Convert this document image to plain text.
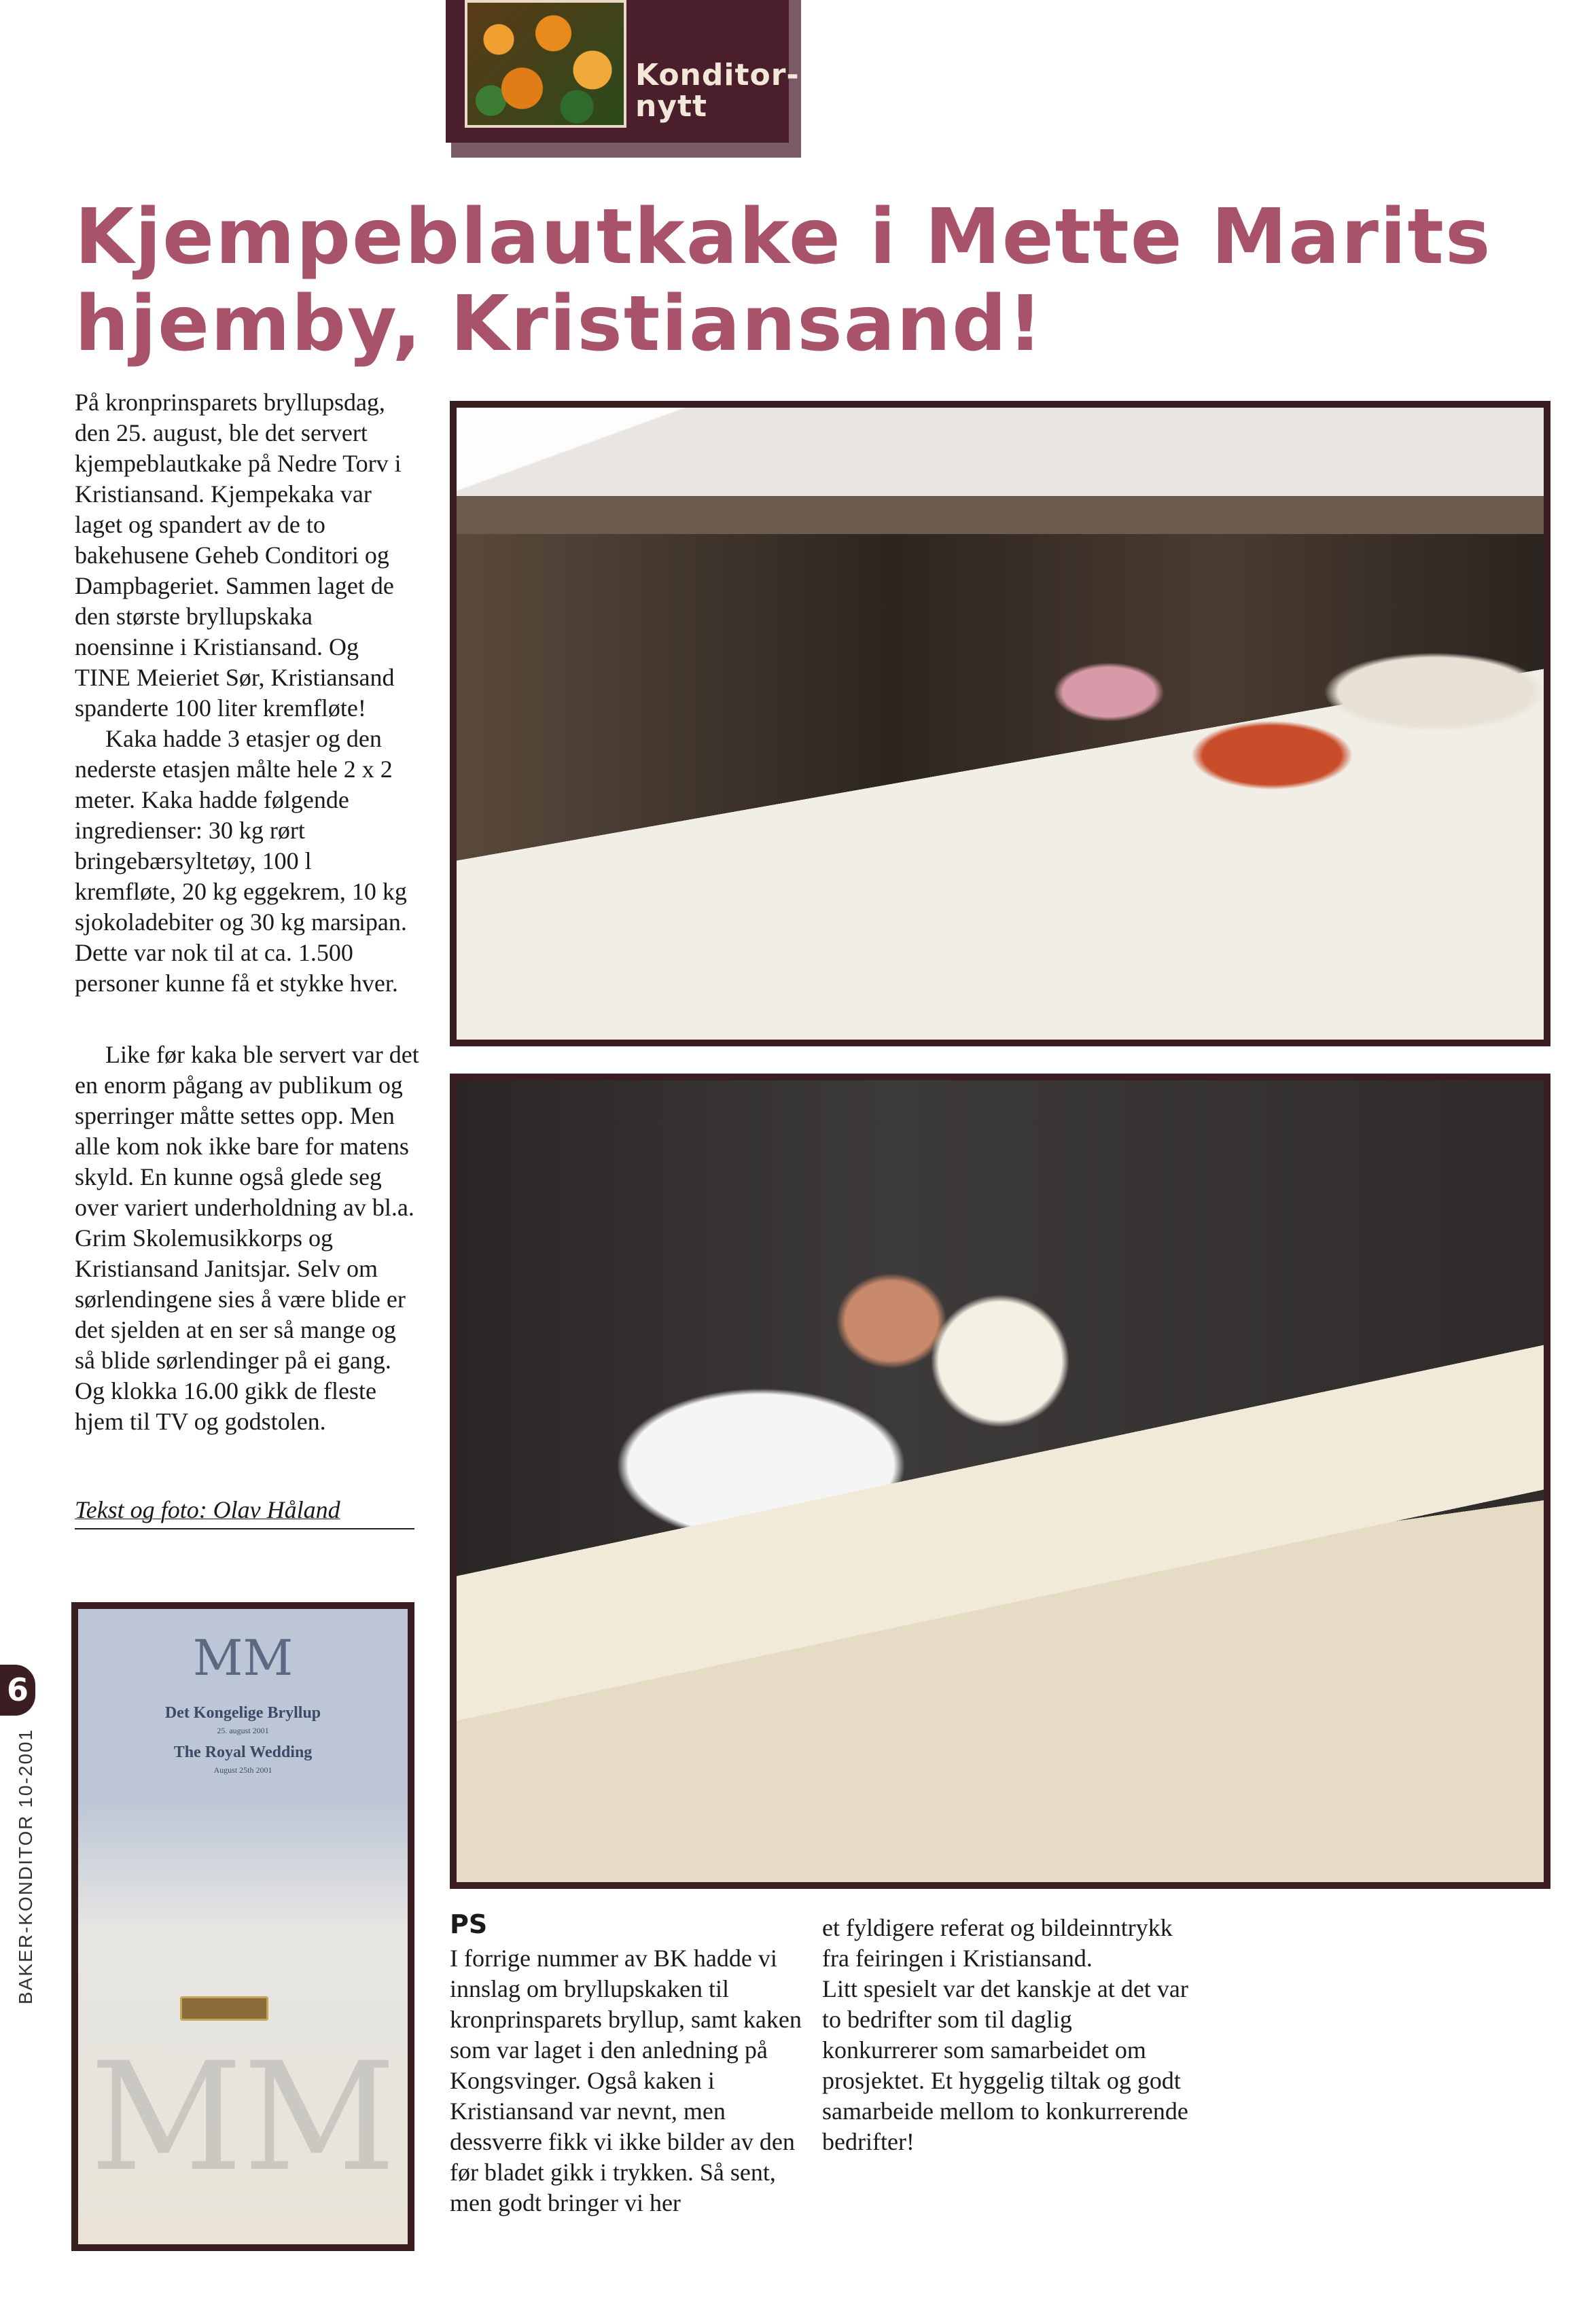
Konditor-
nytt
Kjempeblautkake i Mette Marits hjemby, Kristiansand!

På kronprinsparets bryllupsdag, den 25. august, ble det servert kjempeblautkake på Nedre Torv i Kristiansand. Kjempekaka var laget og spandert av de to bakehusene Geheb Conditori og Dampbageriet. Sammen laget de den største bryllupskaka noensinne i Kristiansand. Og TINE Meieriet Sør, Kristiansand spanderte 100 liter kremfløte!

Kaka hadde 3 etasjer og den nederste etasjen målte hele 2 x 2 meter. Kaka hadde følgende ingredienser: 30 kg rørt bringebærsyltetøy, 100 l kremfløte, 20 kg eggekrem, 10 kg sjokoladebiter og 30 kg marsipan. Dette var nok til at ca. 1.500 personer kunne få et stykke hver.

Like før kaka ble servert var det en enorm pågang av publikum og sperringer måtte settes opp. Men alle kom nok ikke bare for matens skyld. En kunne også glede seg over variert underholdning av bl.a. Grim Skolemusikkorps og Kristiansand Janitsjar. Selv om sørlendingene sies å være blide er det sjelden at en ser så mange og så blide sørlendinger på ei gang. Og klokka 16.00 gikk de fleste hjem til TV og godstolen.

Tekst og foto: Olav Håland
MM
Det Kongelige Bryllup
25. august 2001
The Royal Wedding
August 25th 2001
MM
6
BAKER-KONDITOR 10-2001	PS

I forrige nummer av BK hadde vi innslag om bryllupskaken til kronprinsparets bryllup, samt kaken som var laget i den anledning på Kongsvinger. Også kaken i Kristiansand var nevnt, men dessverre fikk vi ikke bilder av den før bladet gikk i trykken. Så sent, men godt bringer vi her

et fyldigere referat og bildeinntrykk fra feiringen i Kristiansand.

Litt spesielt var det kanskje at det var to bedrifter som til daglig konkurrerer som samarbeidet om prosjektet. Et hyggelig tiltak og godt samarbeide mellom to konkurrerende bedrifter!
